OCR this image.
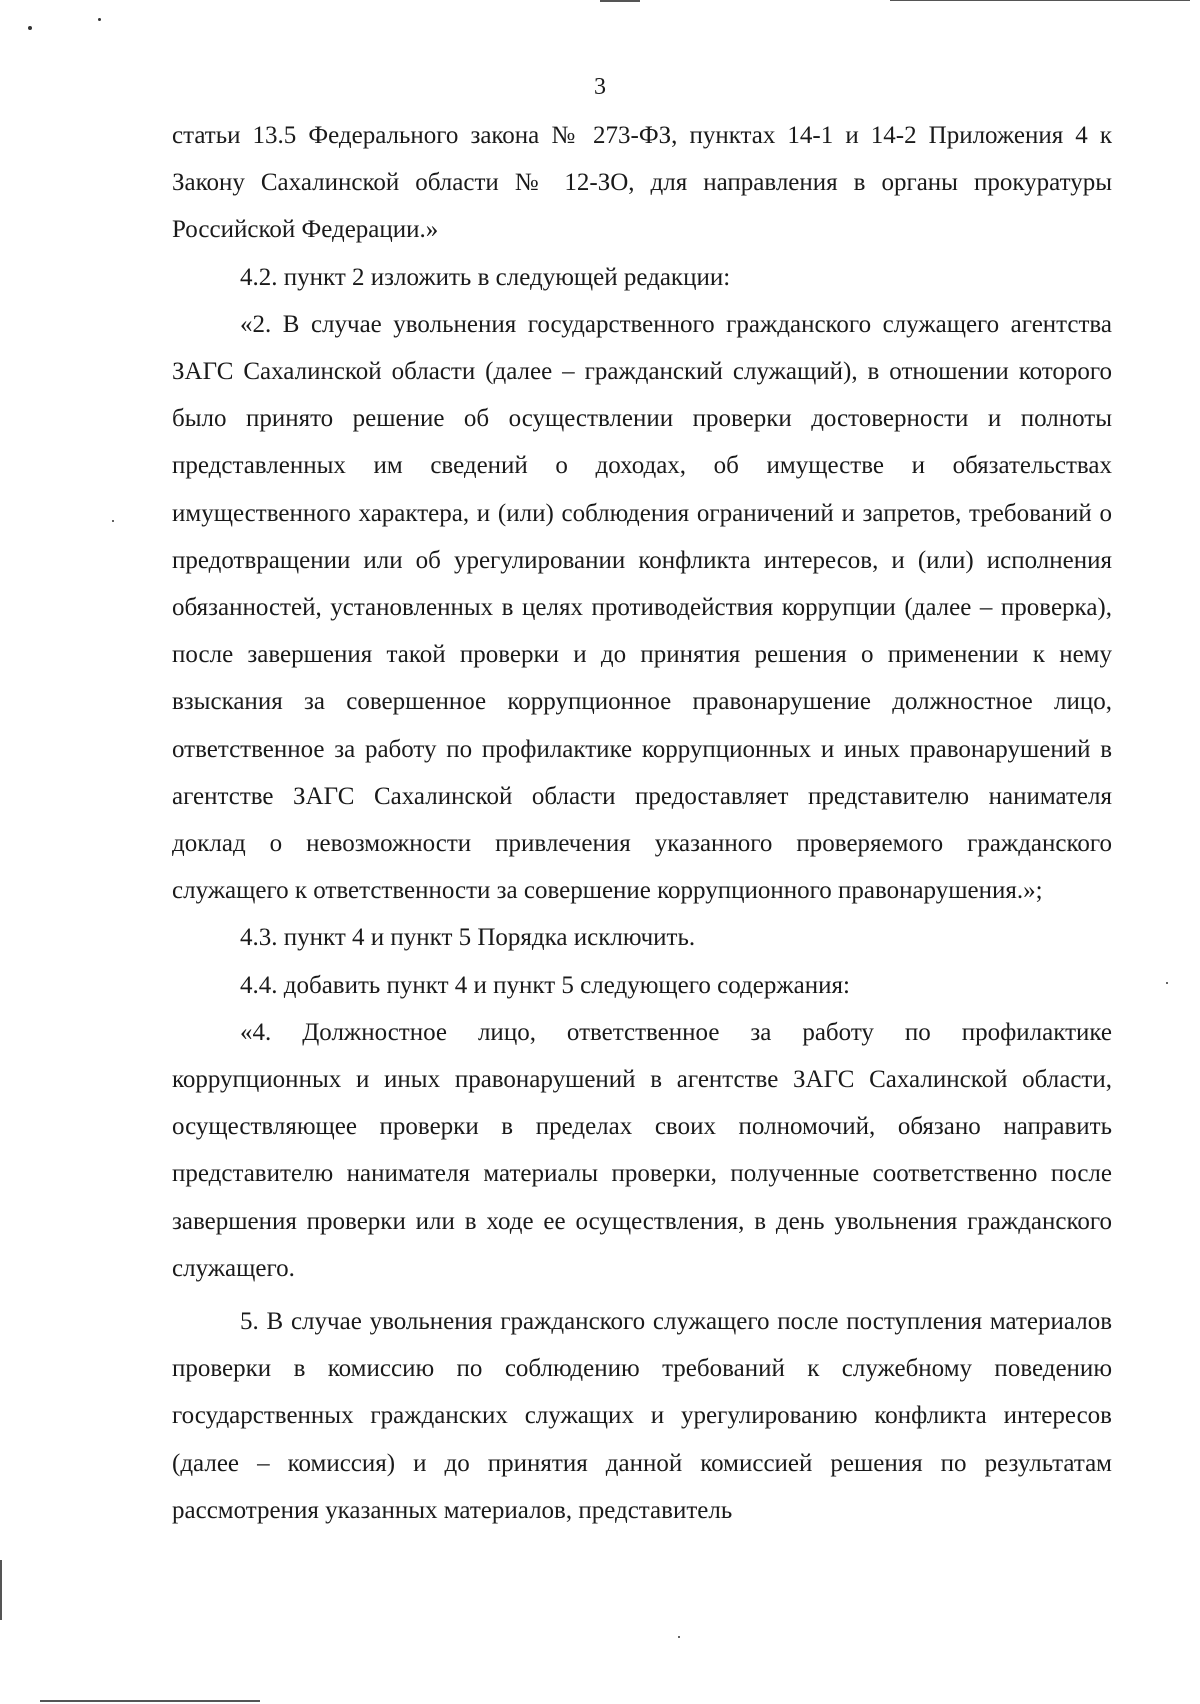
3

статьи 13.5 Федерального закона № 273-ФЗ, пунктах 14-1 и 14-2 Приложения 4 к Закону Сахалинской области № 12-ЗО, для направления в органы прокуратуры Российской Федерации.»

4.2. пункт 2 изложить в следующей редакции:

«2. В случае увольнения государственного гражданского служащего агентства ЗАГС Сахалинской области (далее – гражданский служащий), в отношении которого было принято решение об осуществлении проверки достоверности и полноты представленных им сведений о доходах, об имуществе и обязательствах имущественного характера, и (или) соблюдения ограничений и запретов, требований о предотвращении или об урегулировании конфликта интересов, и (или) исполнения обязанностей, установленных в целях противодействия коррупции (далее – проверка), после завершения такой проверки и до принятия решения о применении к нему взыскания за совершенное коррупционное правонарушение должностное лицо, ответственное за работу по профилактике коррупционных и иных правонарушений в агентстве ЗАГС Сахалинской области предоставляет представителю нанимателя доклад о невозможности привлечения указанного проверяемого гражданского служащего к ответственности за совершение коррупционного правонарушения.»;

4.3. пункт 4 и пункт 5 Порядка исключить.

4.4. добавить пункт 4 и пункт 5 следующего содержания:

«4. Должностное лицо, ответственное за работу по профилактике коррупционных и иных правонарушений в агентстве ЗАГС Сахалинской области, осуществляющее проверки в пределах своих полномочий, обязано направить представителю нанимателя материалы проверки, полученные соответственно после завершения проверки или в ходе ее осуществления, в день увольнения гражданского служащего.

5. В случае увольнения гражданского служащего после поступления материалов проверки в комиссию по соблюдению требований к служебному поведению государственных гражданских служащих и урегулированию конфликта интересов (далее – комиссия) и до принятия данной комиссией решения по результатам рассмотрения указанных материалов, представитель
